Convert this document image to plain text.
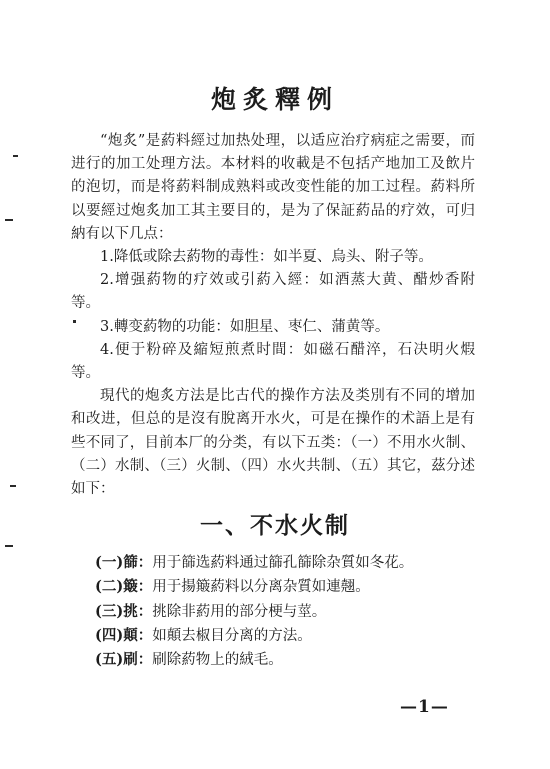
炮炙釋例

“炮炙”是葯料經过加热处理，以适应治疗病症之需要，而进行的加工处理方法。本材料的收載是不包括产地加工及飲片的泡切，而是将葯料制成熟料或改变性能的加工过程。葯料所以要經过炮炙加工其主要目的，是为了保証葯品的疗效，可归納有以下几点：

1.降低或除去葯物的毒性：如半夏、烏头、附子等。

2.增强葯物的疗效或引葯入經：如酒蒸大黄、醋炒香附等。

3.轉变葯物的功能：如胆星、枣仁、蒲黄等。

4.便于粉碎及縮短煎煮时間：如磁石醋淬，石决明火煆等。

現代的炮炙方法是比古代的操作方法及类別有不同的增加和改进，但总的是沒有脫离开水火，可是在操作的术語上是有些不同了，目前本厂的分类，有以下五类：（一）不用水火制、（二）水制、（三）火制、（四）水火共制、（五）其它，茲分述如下：

一、不水火制
(一)篩：用于篩选葯料通过篩孔篩除杂質如冬花。
(二)簸：用于揚簸葯料以分离杂質如連翹。
(三)挑：挑除非葯用的部分梗与莖。
(四)顛：如顛去椒目分离的方法。
(五)刷：刷除葯物上的絨毛。
—1—
